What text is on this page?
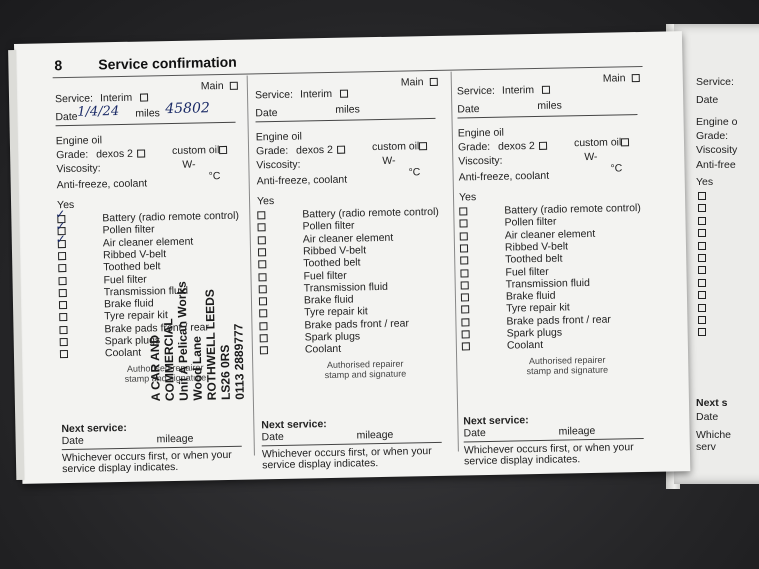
Service:
Date
Engine o
Grade:
Viscosity
Anti-free
Yes
Next s
Date
Whiche
serv
8	Service confirmation
Service: Interim
Main
Date	miles
1/4/24	45802
Engine oil
Grade: dexos 2	custom oil
Viscosity:	W-
Anti-freeze, coolant
°C
Yes
Battery (radio remote control)
Pollen filter
Air cleaner element
Ribbed V-belt
Toothed belt
Fuel filter
Transmission fluid
Brake fluid
Tyre repair kit
Brake pads front / rear
Spark plugs
Coolant
Authorised repairer stamp and signature
Next service:
Date	mileage
Whichever occurs first, or when your service display indicates.
✓
✓
✓
Service: Interim
Main
Date	miles
Engine oil
Grade: dexos 2	custom oil
Viscosity:	W-
Anti-freeze, coolant
°C
Yes
Battery (radio remote control)
Pollen filter
Air cleaner element
Ribbed V-belt
Toothed belt
Fuel filter
Transmission fluid
Brake fluid
Tyre repair kit
Brake pads front / rear
Spark plugs
Coolant
Authorised repairer stamp and signature
Next service:
Date	mileage
Whichever occurs first, or when your service display indicates.
Service: Interim
Main
Date	miles
Engine oil
Grade: dexos 2	custom oil
Viscosity:	W-
Anti-freeze, coolant
°C
Yes
Battery (radio remote control)
Pollen filter
Air cleaner element
Ribbed V-belt
Toothed belt
Fuel filter
Transmission fluid
Brake fluid
Tyre repair kit
Brake pads front / rear
Spark plugs
Coolant
Authorised repairer stamp and signature
Next service:
Date	mileage
Whichever occurs first, or when your service display indicates.
A CAR AND COMMERCIAL
Unit A Pelican Works Wood Lane
ROTHWELL LEEDS LS26 0RS
0113 2889777
